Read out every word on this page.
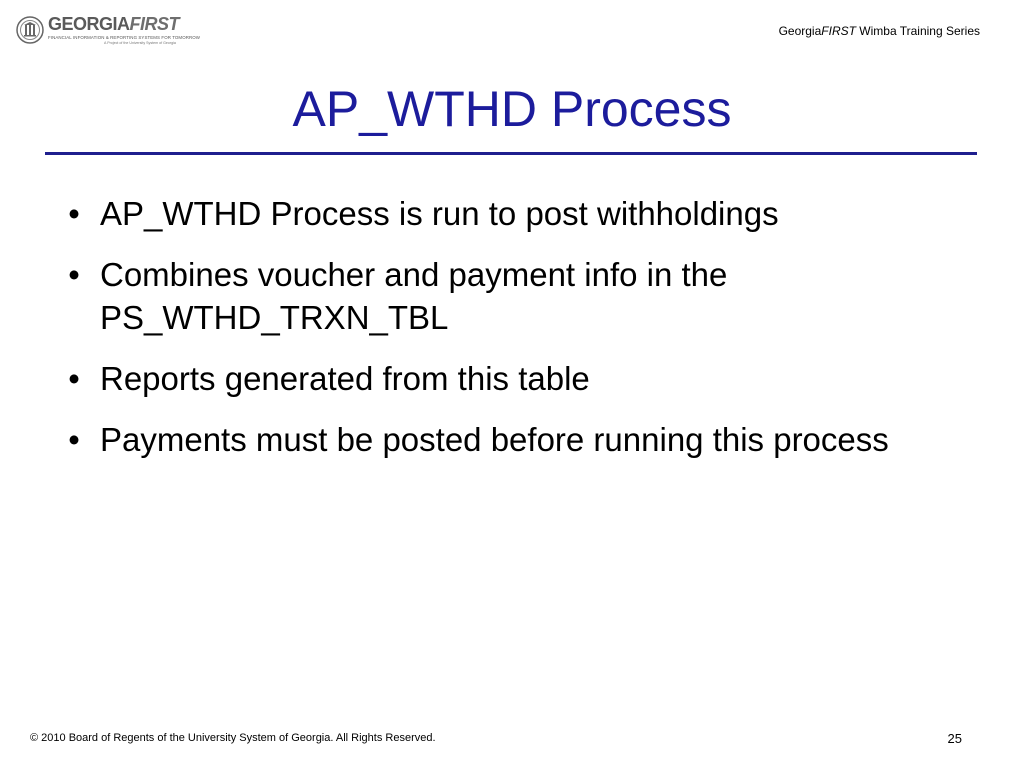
GEORGIAFIRST
FINANCIAL INFORMATION & REPORTING SYSTEMS FOR TOMORROW
A Project of the University System of Georgia
GeorgiaFIRST Wimba Training Series
AP_WTHD Process
• AP_WTHD Process is run to post withholdings
• Combines voucher and payment info in the PS_WTHD_TRXN_TBL
• Reports generated from this table
• Payments must be posted before running this process
© 2010 Board of Regents of the University System of Georgia. All Rights Reserved.	25
